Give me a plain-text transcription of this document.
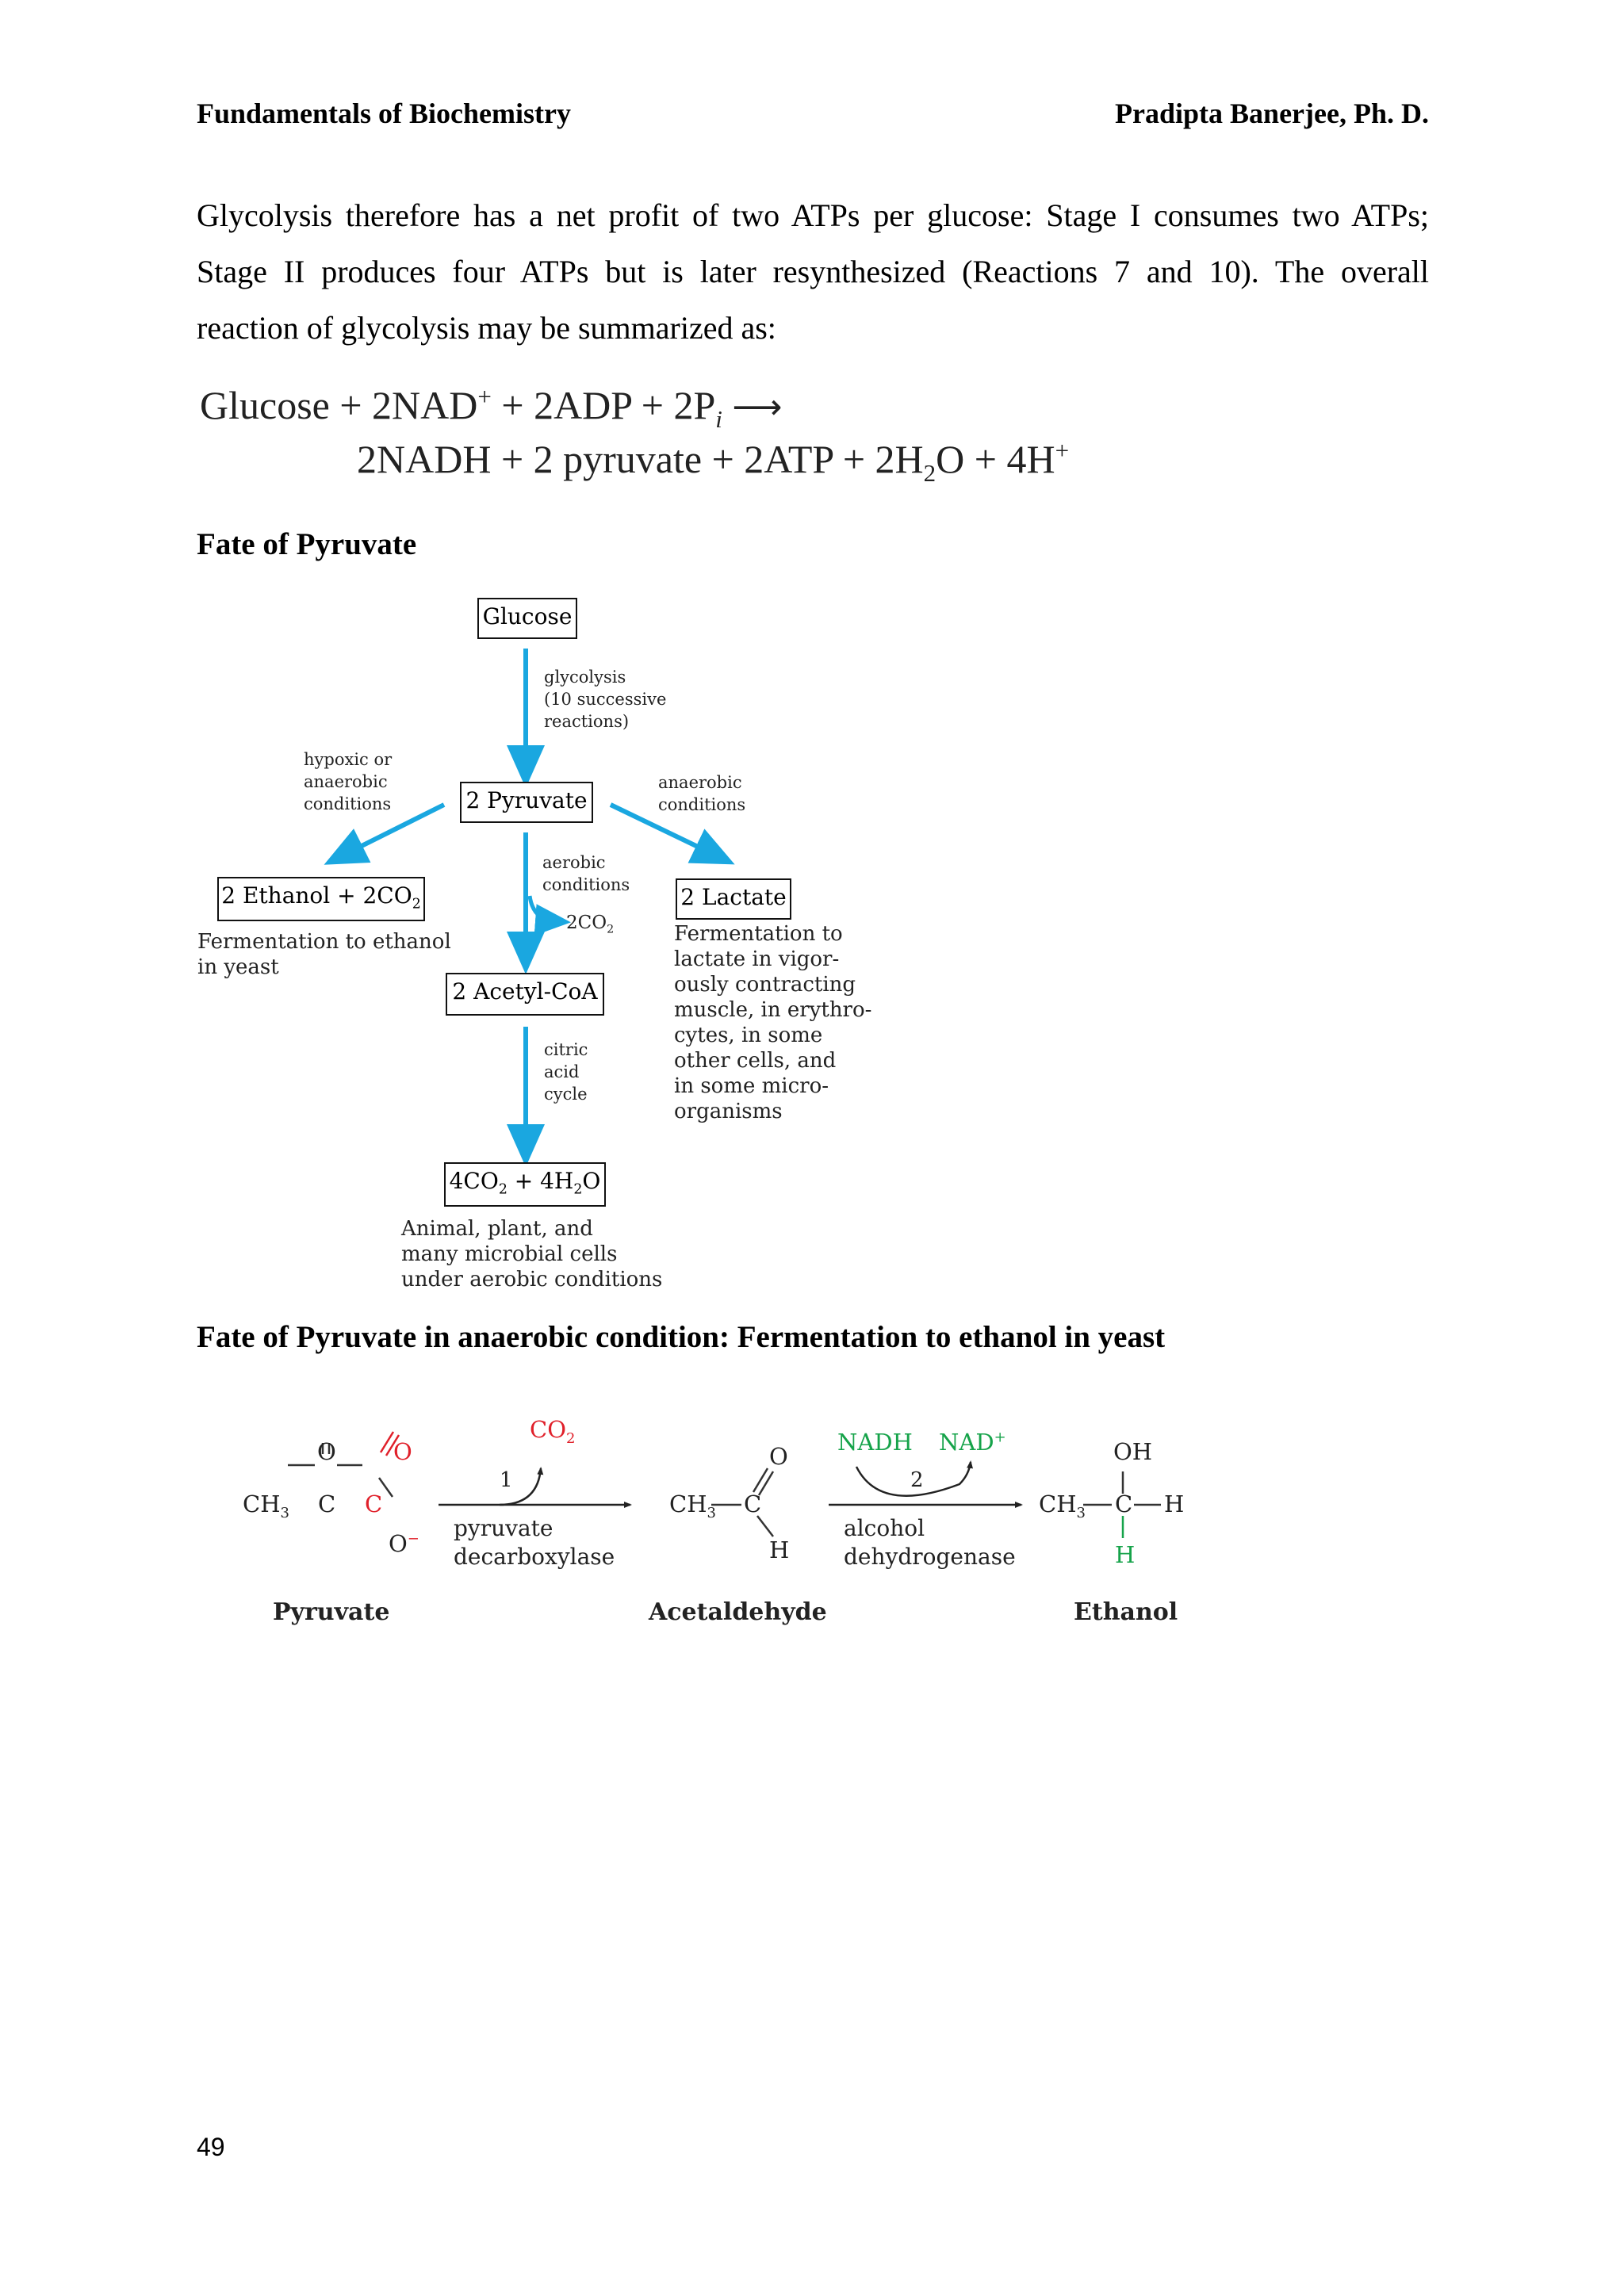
Fundamentals of Biochemistry	Pradipta Banerjee, Ph. D.

Glycolysis therefore has a net profit of two ATPs per glucose: Stage I consumes two ATPs;

Stage II produces four ATPs but is later resynthesized (Reactions 7 and 10). The overall

reaction of glycolysis may be summarized as:

$Glucose + 2NAD^+ + 2ADP + 2P_i$ ⟶
2NADH + 2 pyruvate + $2ATP + 2H_2O + 4H^+$
Fate of Pyruvate
Glucose
glycolysis
(10 successive
reactions)
2 Pyruvate
hypoxic or
anaerobic
conditions
anaerobic
conditions
aerobic
conditions
2 Ethanol + $2CO_2$
Fermentation to ethanol
in yeast
$2CO_2$
2 Lactate
Fermentation to
lactate in vigor-
ously contracting
muscle, in erythro-
cytes, in some
other cells, and
in some micro-
organisms
2 Acetyl-CoA
citric
acid
cycle
$4CO_2 + 4H_2O$
Animal, plant, and
many microbial cells
under aerobic conditions
Fate of Pyruvate in anaerobic condition: Fermentation to ethanol in yeast
O O
$CH_3$ C C
O−
Pyruvate
$CO_2$
1
pyruvate
decarboxylase
O
$CH_3$ C
H
Acetaldehyde
NADH NAD+
2
alcohol
dehydrogenase
OH
$CH_3$ C H
H
Ethanol
49
